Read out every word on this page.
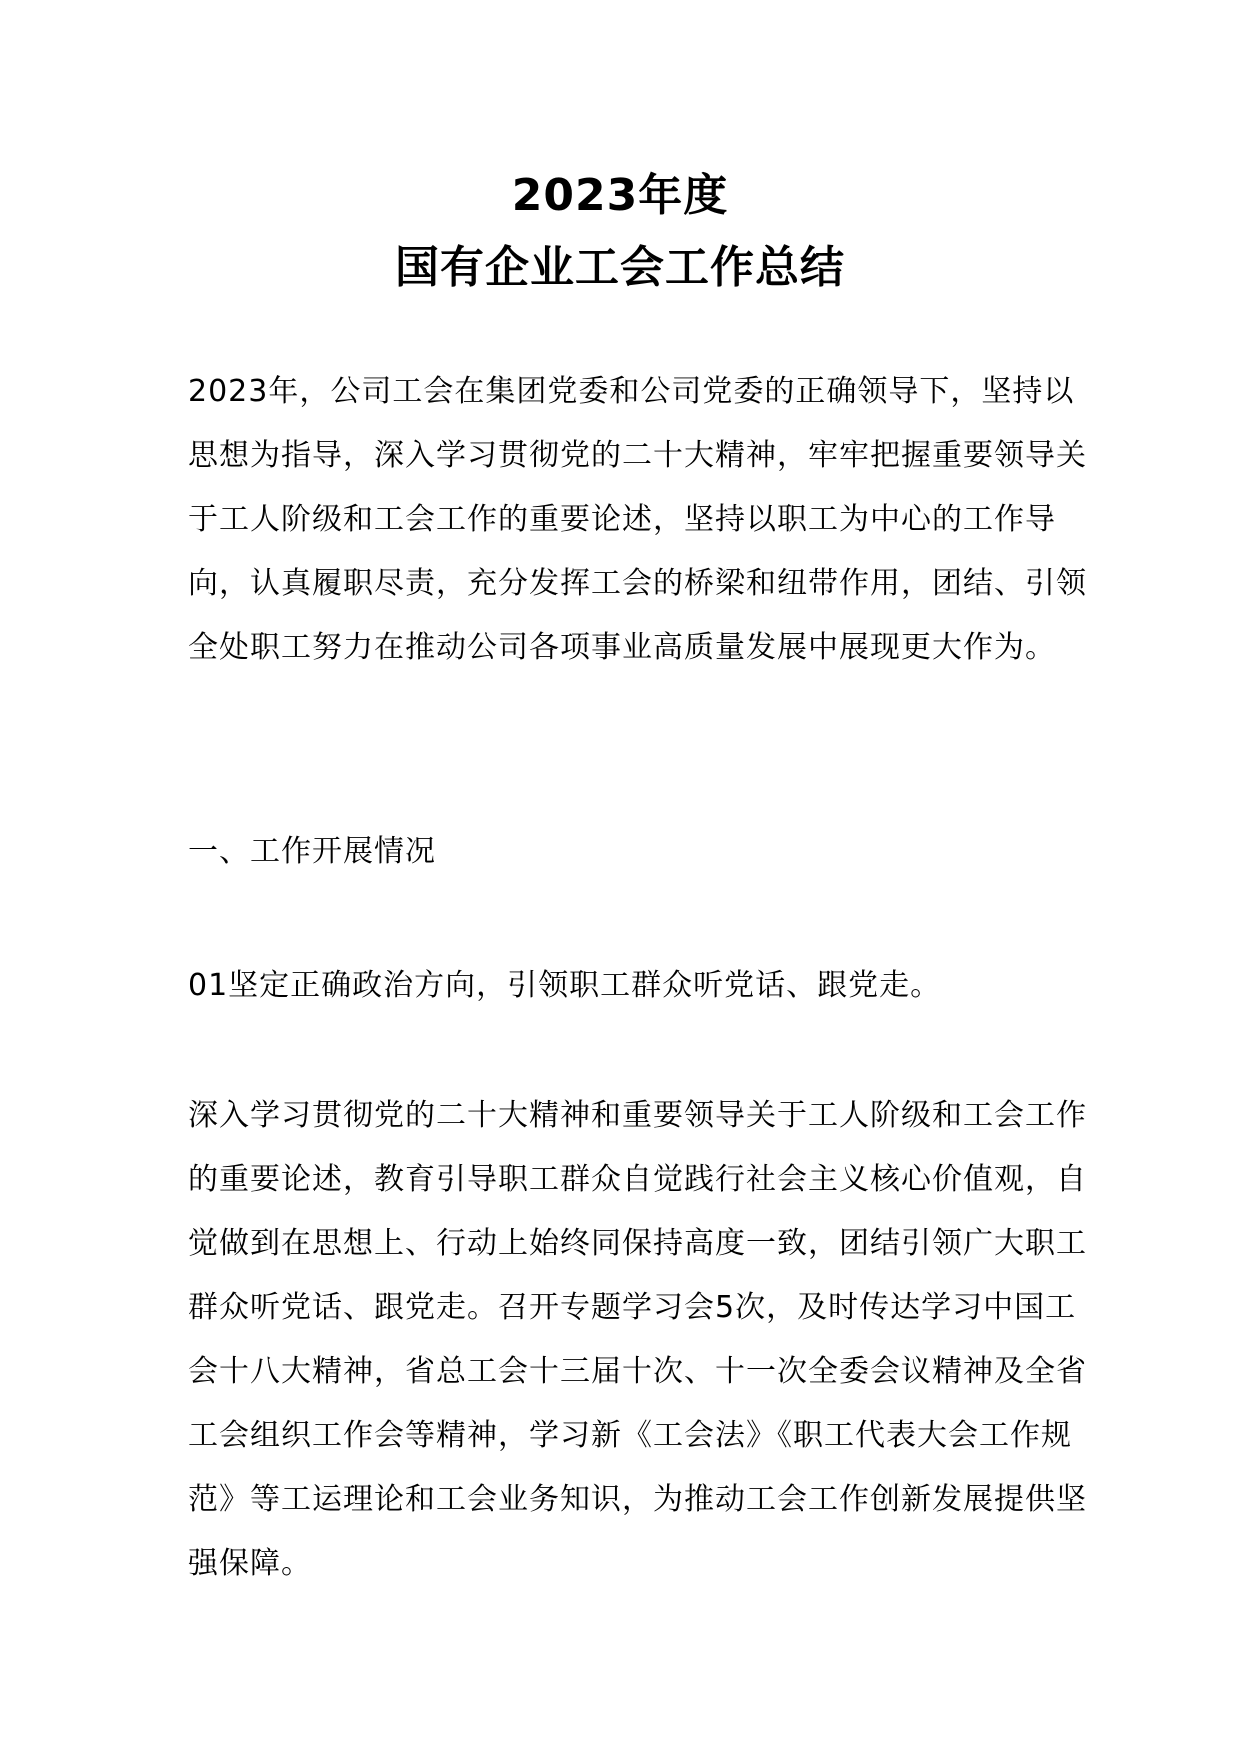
2023年度
国有企业工会工作总结
2023年，公司工会在集团党委和公司党委的正确领导下，坚持以思想为指导，深入学习贯彻党的二十大精神，牢牢把握重要领导关于工人阶级和工会工作的重要论述，坚持以职工为中心的工作导向，认真履职尽责，充分发挥工会的桥梁和纽带作用，团结、引领全处职工努力在推动公司各项事业高质量发展中展现更大作为。
一、工作开展情况
01坚定正确政治方向，引领职工群众听党话、跟党走。
深入学习贯彻党的二十大精神和重要领导关于工人阶级和工会工作的重要论述，教育引导职工群众自觉践行社会主义核心价值观，自觉做到在思想上、行动上始终同保持高度一致，团结引领广大职工群众听党话、跟党走。召开专题学习会5次，及时传达学习中国工会十八大精神，省总工会十三届十次、十一次全委会议精神及全省工会组织工作会等精神，学习新《工会法》《职工代表大会工作规范》等工运理论和工会业务知识，为推动工会工作创新发展提供坚强保障。
